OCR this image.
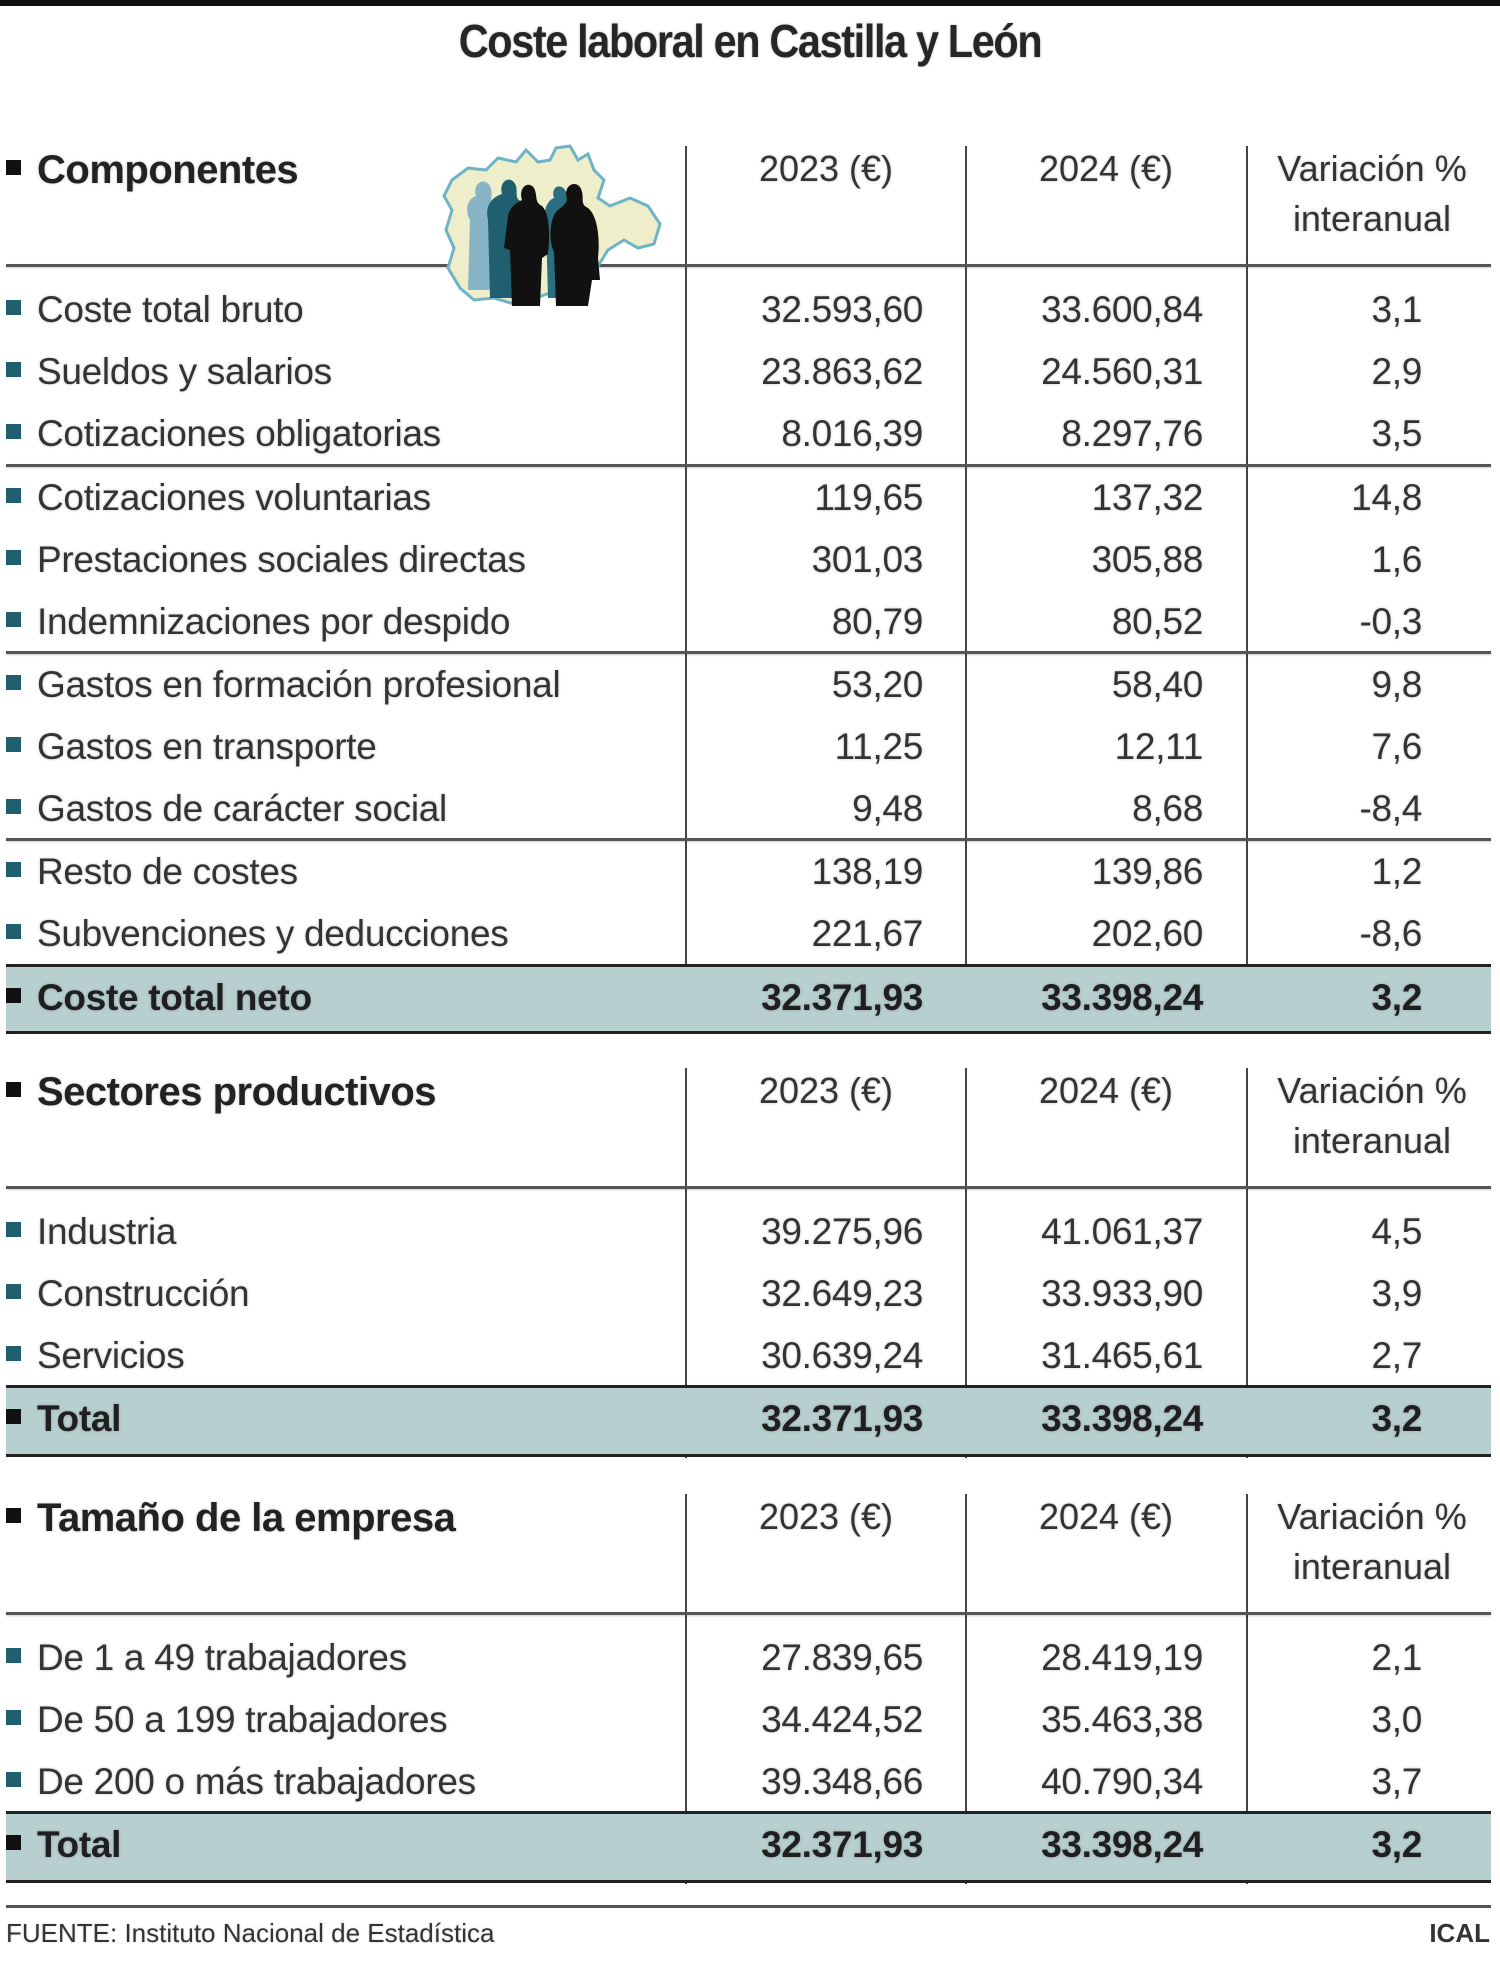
Coste laboral en Castilla y León
Componentes	2023 (€)	2024 (€)	Variación %
interanual
Coste total bruto	32.593,60	33.600,84	3,1
Sueldos y salarios	23.863,62	24.560,31	2,9
Cotizaciones obligatorias	8.016,39	8.297,76	3,5
Cotizaciones voluntarias	119,65	137,32	14,8
Prestaciones sociales directas	301,03	305,88	1,6
Indemnizaciones por despido	80,79	80,52	-0,3
Gastos en formación profesional	53,20	58,40	9,8
Gastos en transporte	11,25	12,11	7,6
Gastos de carácter social	9,48	8,68	-8,4
Resto de costes	138,19	139,86	1,2
Subvenciones y deducciones	221,67	202,60	-8,6
Coste total neto	32.371,93	33.398,24	3,2
Sectores productivos	2023 (€)	2024 (€)	Variación %
interanual
Industria	39.275,96	41.061,37	4,5
Construcción	32.649,23	33.933,90	3,9
Servicios	30.639,24	31.465,61	2,7
Total	32.371,93	33.398,24	3,2
Tamaño de la empresa	2023 (€)	2024 (€)	Variación %
interanual
De 1 a 49 trabajadores	27.839,65	28.419,19	2,1
De 50 a 199 trabajadores	34.424,52	35.463,38	3,0
De 200 o más trabajadores	39.348,66	40.790,34	3,7
Total	32.371,93	33.398,24	3,2
FUENTE: Instituto Nacional de Estadística	ICAL
